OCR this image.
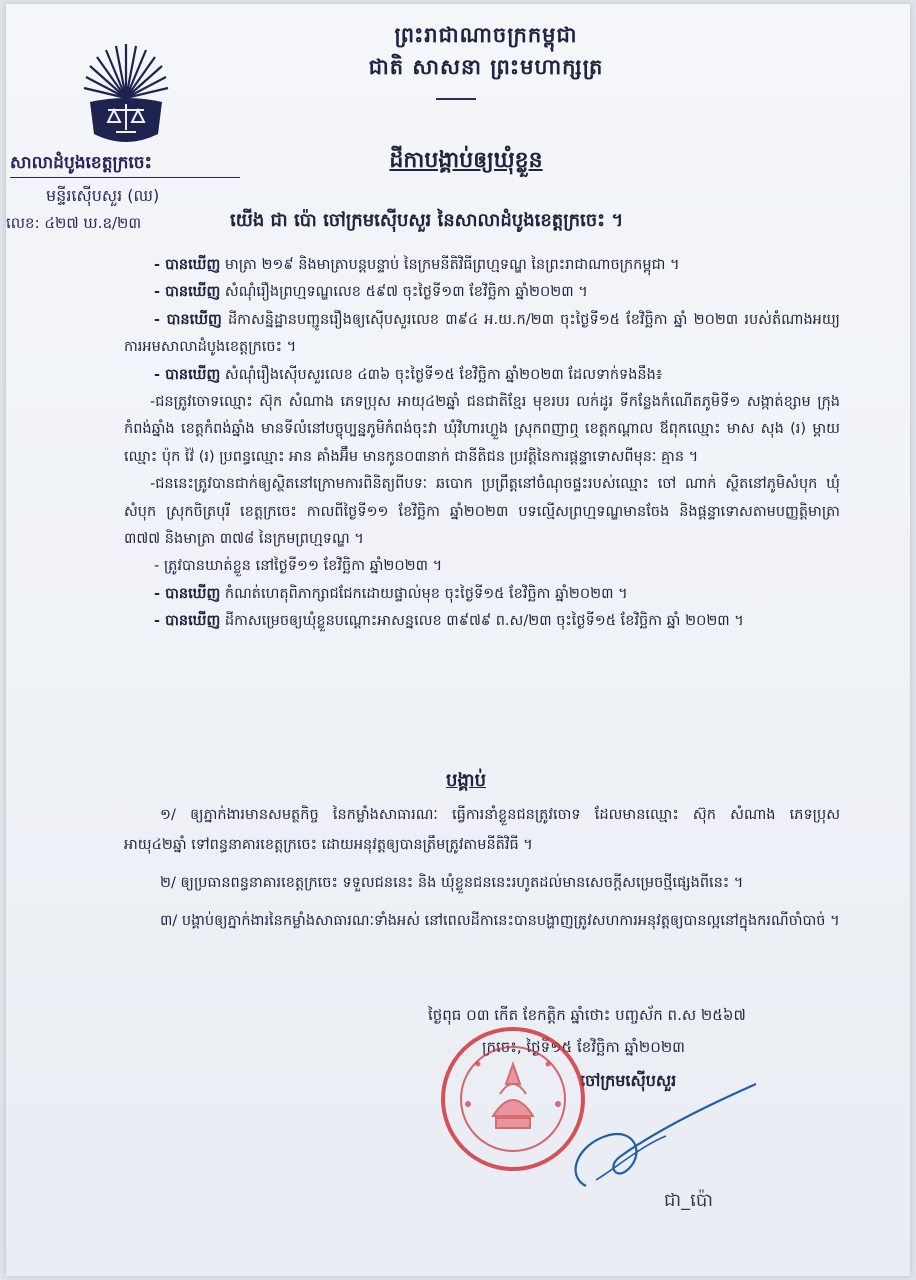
ព្រះរាជាណាចក្រកម្ពុជា
ជាតិ សាសនា ព្រះមហាក្សត្រ
សាលាដំបូងខេត្តក្រចេះ
មន្ទីរស៊ើបសួរ (ឈ)
លេខ: ៤២៧ ឃ.ឧ/២៣
ដីកាបង្គាប់ឲ្យឃុំខ្លួន
យើង ជា ប៉ោ ចៅក្រមស៊ើបសួរ នៃសាលាដំបូងខេត្តក្រចេះ ។

- បានឃើញ មាត្រា ២១៩ និងមាត្រាបន្តបន្ទាប់ នៃក្រមនីតិវិធីព្រហ្មទណ្ឌ នៃព្រះរាជាណាចក្រកម្ពុជា ។

- បានឃើញ សំណុំរឿងព្រហ្មទណ្ឌលេខ ៥៩៧ ចុះថ្ងៃទី១៣ ខែវិច្ឆិកា ឆ្នាំ២០២៣ ។

- បានឃើញ ដីកាសន្និដ្ឋានបញ្ជូនរឿងឲ្យស៊ើបសួរលេខ ៣៩៤ អ.យ.ក/២៣ ចុះថ្ងៃទី១៥ ខែវិច្ឆិកា ឆ្នាំ ២០២៣ របស់តំណាងអយ្យការអមសាលាដំបូងខេត្តក្រចេះ ។

- បានឃើញ សំណុំរឿងស៊ើបសួរលេខ ៤៣៦ ចុះថ្ងៃទី១៥ ខែវិច្ឆិកា ឆ្នាំ២០២៣ ដែលទាក់ទងនឹង៖

-ជនត្រូវចោទឈ្មោះ ស៊ុក សំណាង ភេទប្រុស អាយុ៤២ឆ្នាំ ជនជាតិខ្មែរ មុខរបរ លក់ដូរ ទីកន្លែងកំណើតភូមិទី១ សង្កាត់ខ្សាម ក្រុងកំពង់ឆ្នាំង ខេត្តកំពង់ឆ្នាំង មានទីលំនៅបច្ចុប្បន្នភូមិកំពង់ចុះវា ឃុំវិហារហ្លួង ស្រុកពញាឮ ខេត្តកណ្តាល ឪពុកឈ្មោះ មាស សុង (រ) ម្តាយឈ្មោះ ប៉ុក វ៉ៃ (រ) ប្រពន្ធឈ្មោះ អាន គាំងអ៊ឹម មានកូន០៣នាក់ ជានីតិជន ប្រវត្តិនៃការផ្តន្ទាទោសពីមុនៈ គ្មាន ។

-ជននេះត្រូវបានជាក់ឲ្យស្ថិតនៅក្រោមការពិនិត្យពីបទៈ ឆបោក ប្រព្រឹត្តនៅចំណុចផ្ទះរបស់ឈ្មោះ ចៅ ណាក់ ស្ថិតនៅភូមិសំបុក ឃុំសំបុក ស្រុកចិត្របុរី ខេត្តក្រចេះ កាលពីថ្ងៃទី១១ ខែវិច្ឆិកា ឆ្នាំ២០២៣ បទល្មើសព្រហ្មទណ្ឌមានចែង និងផ្តន្ទាទោសតាមបញ្ញត្តិមាត្រា ៣៧៧ និងមាត្រា ៣៧៨ នៃក្រមព្រហ្មទណ្ឌ ។

- ត្រូវបានឃាត់ខ្លួន នៅថ្ងៃទី១១ ខែវិច្ឆិកា ឆ្នាំ២០២៣ ។

- បានឃើញ កំណត់ហេតុពិភាក្សាជជែកដោយផ្ទាល់មុខ ចុះថ្ងៃទី១៥ ខែវិច្ឆិកា ឆ្នាំ២០២៣ ។

- បានឃើញ ដីកាសម្រេចឲ្យឃុំខ្លួនបណ្តោះអាសន្នលេខ ៣៩៧៩ ព.ស/២៣ ចុះថ្ងៃទី១៥ ខែវិច្ឆិកា ឆ្នាំ ២០២៣ ។

បង្គាប់

១/ ឲ្យភ្នាក់ងារមានសមត្ថកិច្ច នៃកម្លាំងសាធារណៈ ធ្វើការនាំខ្លួនជនត្រូវចោទ ដែលមានឈ្មោះ ស៊ុក សំណាង ភេទប្រុស អាយុ៤២ឆ្នាំ ទៅពន្ធនាគារខេត្តក្រចេះ ដោយអនុវត្តឲ្យបានត្រឹមត្រូវតាមនីតិវិធី ។

២/ ឲ្យប្រធានពន្ធនាគារខេត្តក្រចេះ ទទួលជននេះ និង ឃុំខ្លួនជននេះរហូតដល់មានសេចក្តីសម្រេចថ្មីផ្សេងពីនេះ ។

៣/ បង្គាប់ឲ្យភ្នាក់ងារនៃកម្លាំងសាធារណៈទាំងអស់ នៅពេលដីកានេះបានបង្ហាញត្រូវសហការអនុវត្តឲ្យបានល្អនៅក្នុងករណីចាំបាច់ ។

ថ្ងៃពុធ ០៣ កើត ខែកត្តិក ឆ្នាំថោះ បញ្ចស័ក ព.ស ២៥៦៧
ក្រចេះ, ថ្ងៃទី១៥ ខែវិច្ឆិកា ឆ្នាំ២០២៣
ចៅក្រមស៊ើបសួរ
ជា_ប៉ោ
